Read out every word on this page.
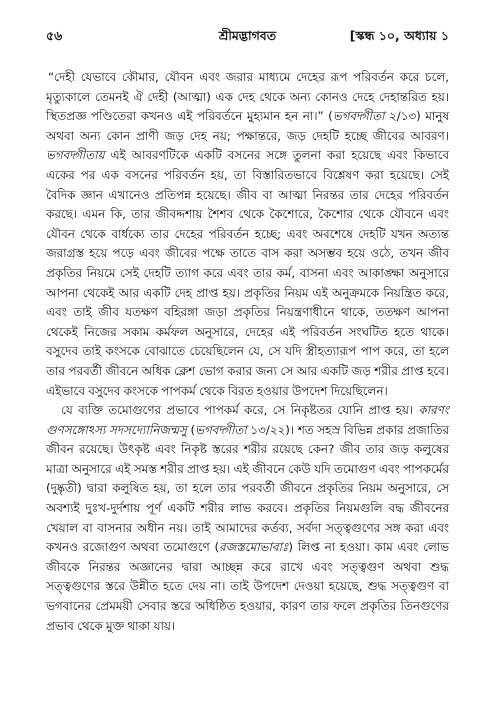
৫৬	শ্রীমদ্ভাগবত	[স্কন্ধ ১০, অধ্যায় ১

“দেহী যেভাবে কৌমার, যৌবন এবং জরার মাধ্যমে দেহের রূপ পরিবর্তন করে চলে, মৃত্যুকালে তেমনই ঐ দেহী (আত্মা) এক দেহ থেকে অন্য কোনও দেহে দেহান্তরিত হয়। স্থিতপ্রজ্ঞ পণ্ডিতেরা কখনও এই পরিবর্তনে মুহ্যমান হন না।” (ভগবদ্গীতা ২/১৩) মানুষ অথবা অন্য কোন প্রাণী জড় দেহ নয়; পক্ষান্তরে, জড় দেহটি হচ্ছে জীবের আবরণ। ভগবদ্গীতায় এই আবরণটিকে একটি বসনের সঙ্গে তুলনা করা হয়েছে এবং কিভাবে একের পর এক বসনের পরিবর্তন হয়, তা বিস্তারিতভাবে বিশ্লেষণ করা হয়েছে। সেই বৈদিক জ্ঞান এখানেও প্রতিপন্ন হয়েছে। জীব বা আত্মা নিরন্তর তার দেহের পরিবর্তন করছে। এমন কি, তার জীবদ্দশায় শৈশব থেকে কৈশোরে, কৈশোর থেকে যৌবনে এবং যৌবন থেকে বার্ধক্যে তার দেহের পরিবর্তন হচ্ছে; এবং অবশেষে দেহটি যখন অত্যন্ত জরাগ্রস্ত হয়ে পড়ে এবং জীবের পক্ষে তাতে বাস করা অসম্ভব হয়ে ওঠে, তখন জীব প্রকৃতির নিয়মে সেই দেহটি ত্যাগ করে এবং তার কর্ম, বাসনা এবং আকাঙ্ক্ষা অনুসারে আপনা থেকেই আর একটি দেহ প্রাপ্ত হয়। প্রকৃতির নিয়ম এই অনুক্রমকে নিয়ন্ত্রিত করে, এবং তাই জীব যতক্ষণ বহিরঙ্গা জড়া প্রকৃতির নিয়ন্ত্রণাধীনে থাকে, ততক্ষণ আপনা থেকেই নিজের সকাম কর্মফল অনুসারে, দেহের এই পরিবর্তন সংঘটিত হতে থাকে। বসুদেব তাই কংসকে বোঝাতে চেয়েছিলেন যে, সে যদি স্ত্রীহত্যারূপ পাপ করে, তা হলে তার পরবর্তী জীবনে অধিক ক্লেশ ভোগ করার জন্য সে আর একটি জড় শরীর প্রাপ্ত হবে। এইভাবে বসুদেব কংসকে পাপকর্ম থেকে বিরত হওয়ার উপদেশ দিয়েছিলেন।

যে ব্যক্তি তমোগুণের প্রভাবে পাপকর্ম করে, সে নিকৃষ্টতর যোনি প্রাপ্ত হয়। কারণং গুণসঙ্গোঽস্য সদসদ্যোনিজন্মসু (ভগবদ্গীতা ১৩/২২)। শত সহস্র বিভিন্ন প্রকার প্রজাতির জীবন রয়েছে। উৎকৃষ্ট এবং নিকৃষ্ট স্তরের শরীর রয়েছে কেন? জীব তার জড় কলুষের মাত্রা অনুসারে এই সমস্ত শরীর প্রাপ্ত হয়। এই জীবনে কেউ যদি তমোগুণ এবং পাপকর্মের (দুষ্কৃতী) দ্বারা কলুষিত হয়, তা হলে তার পরবর্তী জীবনে প্রকৃতির নিয়ম অনুসারে, সে অবশ্যই দুঃখ-দুর্দশায় পূর্ণ একটি শরীর লাভ করবে। প্রকৃতির নিয়মগুলি বদ্ধ জীবনের খেয়াল বা বাসনার অধীন নয়। তাই আমাদের কর্তব্য, সর্বদা সত্ত্বগুণের সঙ্গ করা এবং কখনও রজোগুণ অথবা তমোগুণে (রজস্তমোভাবাঃ) লিপ্ত না হওয়া। কাম এবং লোভ জীবকে নিরন্তর অজ্ঞানের দ্বারা আচ্ছন্ন করে রাখে এবং সত্ত্বগুণ অথবা শুদ্ধ সত্ত্বগুণের স্তরে উন্নীত হতে দেয় না। তাই উপদেশ দেওয়া হয়েছে, শুদ্ধ সত্ত্বগুণ বা ভগবানের প্রেমময়ী সেবার স্তরে অধিষ্ঠিত হওয়ার, কারণ তার ফলে প্রকৃতির তিনগুণের প্রভাব থেকে মুক্ত থাকা যায়।
